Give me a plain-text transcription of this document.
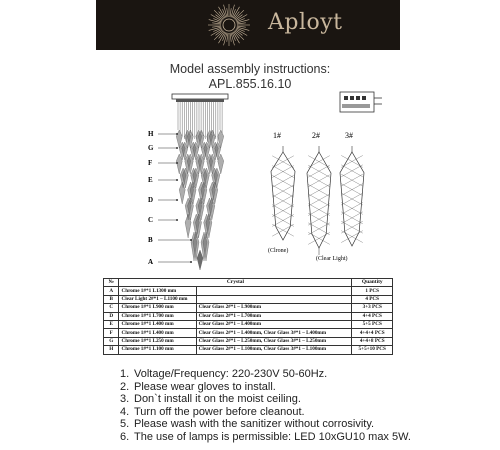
Aployt
Model assembly instructions:
APL.855.16.10
H
G
F
E
D
C
B
A
1#	2#	3#
(Clrone)
(Clear Light)
№	Crystal		Quantity
A	Chrome 1#*1 L1300 mm		1 PCS
B	Clear Light 2#*1 – L1100 mm		4 PCS
C	Chrome 1#*1 L900 mm	Clear Glass 2#*1 – L900mm	3+3 PCS
D	Chrome 1#*1 L700 mm	Clear Glass 2#*1 – L700mm	4+4 PCS
E	Chrome 1#*1 L400 mm	Clear Glass 2#*1 – L400mm	5+5 PCS
F	Chrome 1#*1 L400 mm	Clear Glass 2#*1 – L400mm, Clear Glass 3#*1 – L400mm	4+4+4 PCS
G	Chrome 1#*1 L250 mm	Clear Glass 2#*1 – L250mm, Clear Glass 3#*1 – L250mm	4+4+8 PCS
H	Chrome 1#*1 L100 mm	Clear Glass 2#*1 – L100mm, Clear Glass 3#*1 – L100mm	5+5+10 PCS
1. Voltage/Frequency: 220-230V 50-60Hz.
2. Please wear gloves to install.
3. Don`t install it on the moist ceiling.
4. Turn off the power before cleanout.
5. Please wash with the sanitizer without corrosivity.
6. The use of lamps is permissible: LED 10xGU10 max 5W.
